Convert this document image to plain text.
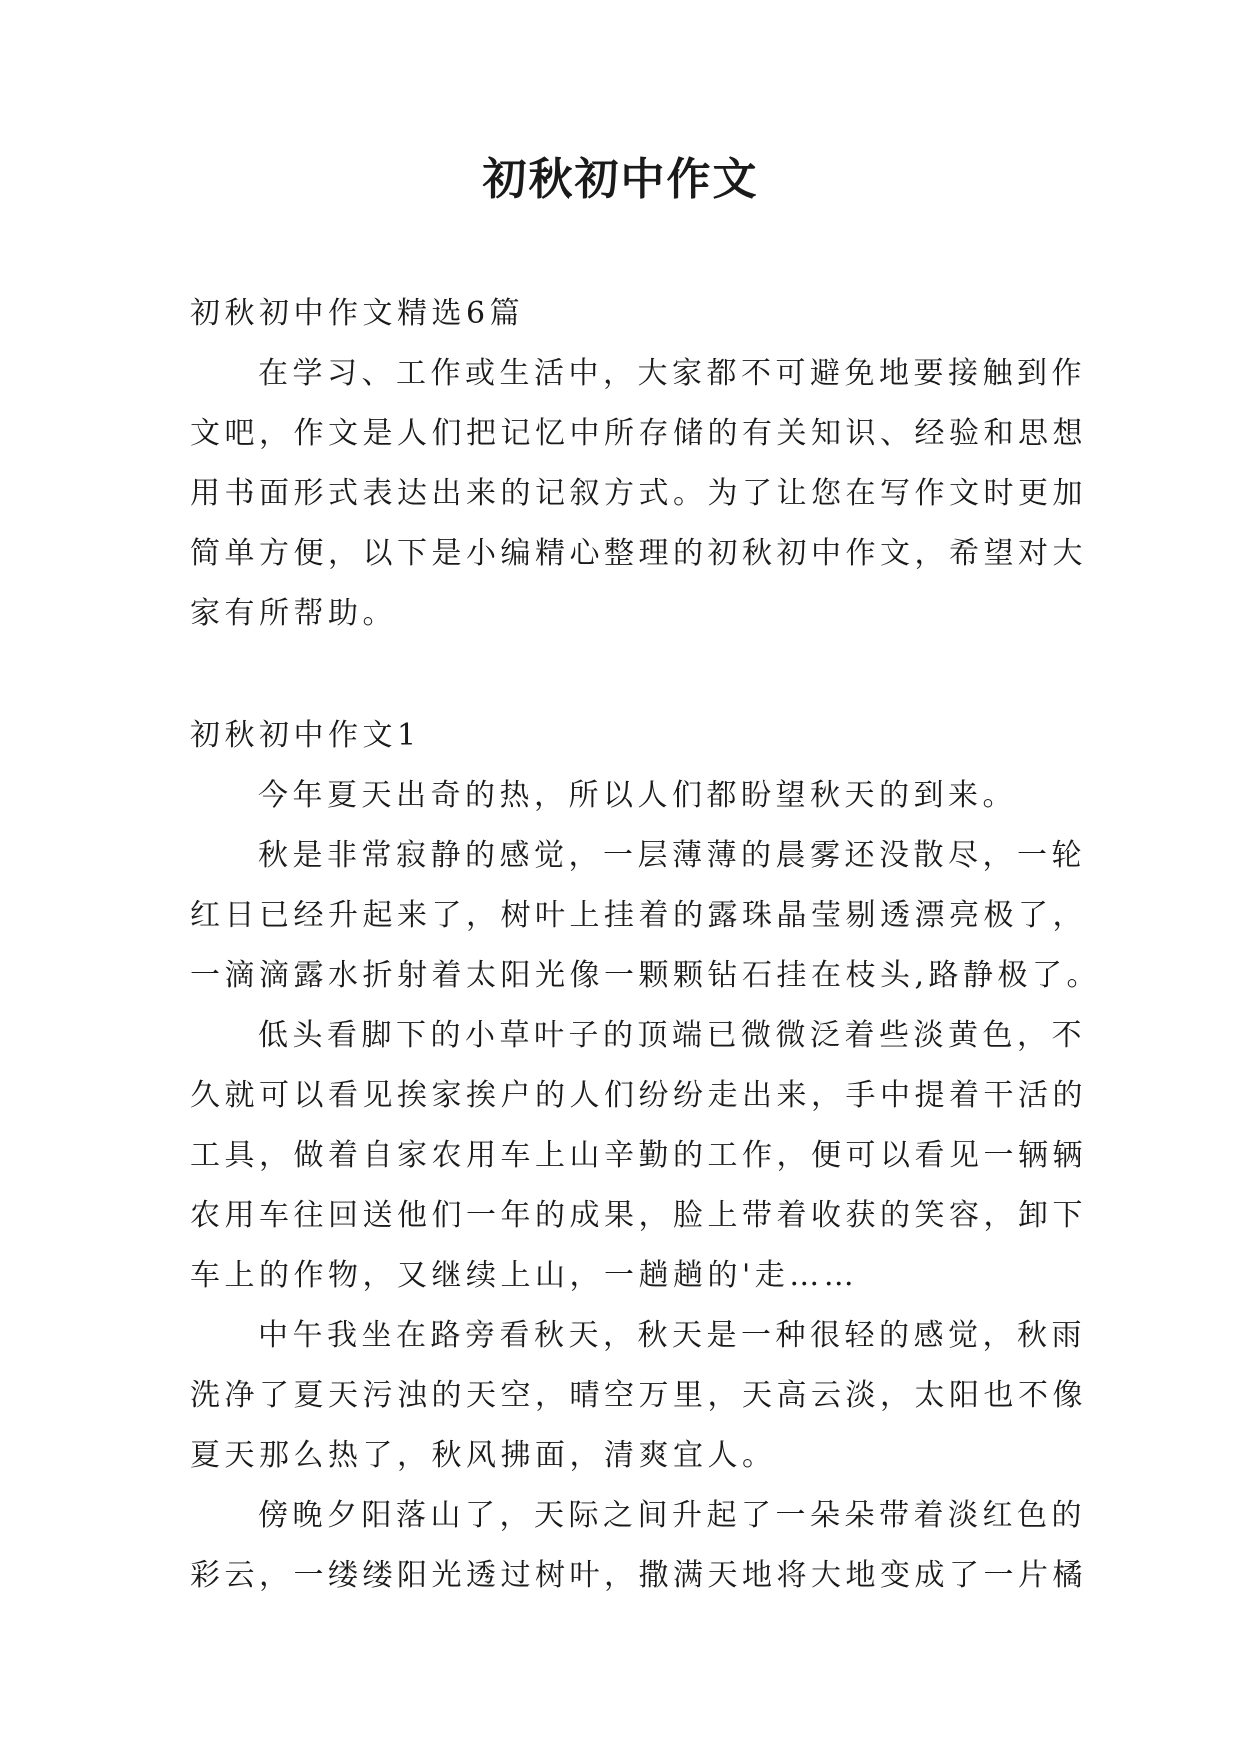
初秋初中作文

初秋初中作文精选6篇

在学习、工作或生活中，大家都不可避免地要接触到作

文吧，作文是人们把记忆中所存储的有关知识、经验和思想

用书面形式表达出来的记叙方式。为了让您在写作文时更加

简单方便，以下是小编精心整理的初秋初中作文，希望对大

家有所帮助。

初秋初中作文1

今年夏天出奇的热，所以人们都盼望秋天的到来。

秋是非常寂静的感觉，一层薄薄的晨雾还没散尽，一轮

红日已经升起来了，树叶上挂着的露珠晶莹剔透漂亮极了，

一滴滴露水折射着太阳光像一颗颗钻石挂在枝头,路静极了。

低头看脚下的小草叶子的顶端已微微泛着些淡黄色，不

久就可以看见挨家挨户的人们纷纷走出来，手中提着干活的

工具，做着自家农用车上山辛勤的工作，便可以看见一辆辆

农用车往回送他们一年的成果，脸上带着收获的笑容，卸下

车上的作物，又继续上山，一趟趟的'走……

中午我坐在路旁看秋天，秋天是一种很轻的感觉，秋雨

洗净了夏天污浊的天空，晴空万里，天高云淡，太阳也不像

夏天那么热了，秋风拂面，清爽宜人。

傍晚夕阳落山了，天际之间升起了一朵朵带着淡红色的

彩云，一缕缕阳光透过树叶，撒满天地将大地变成了一片橘
